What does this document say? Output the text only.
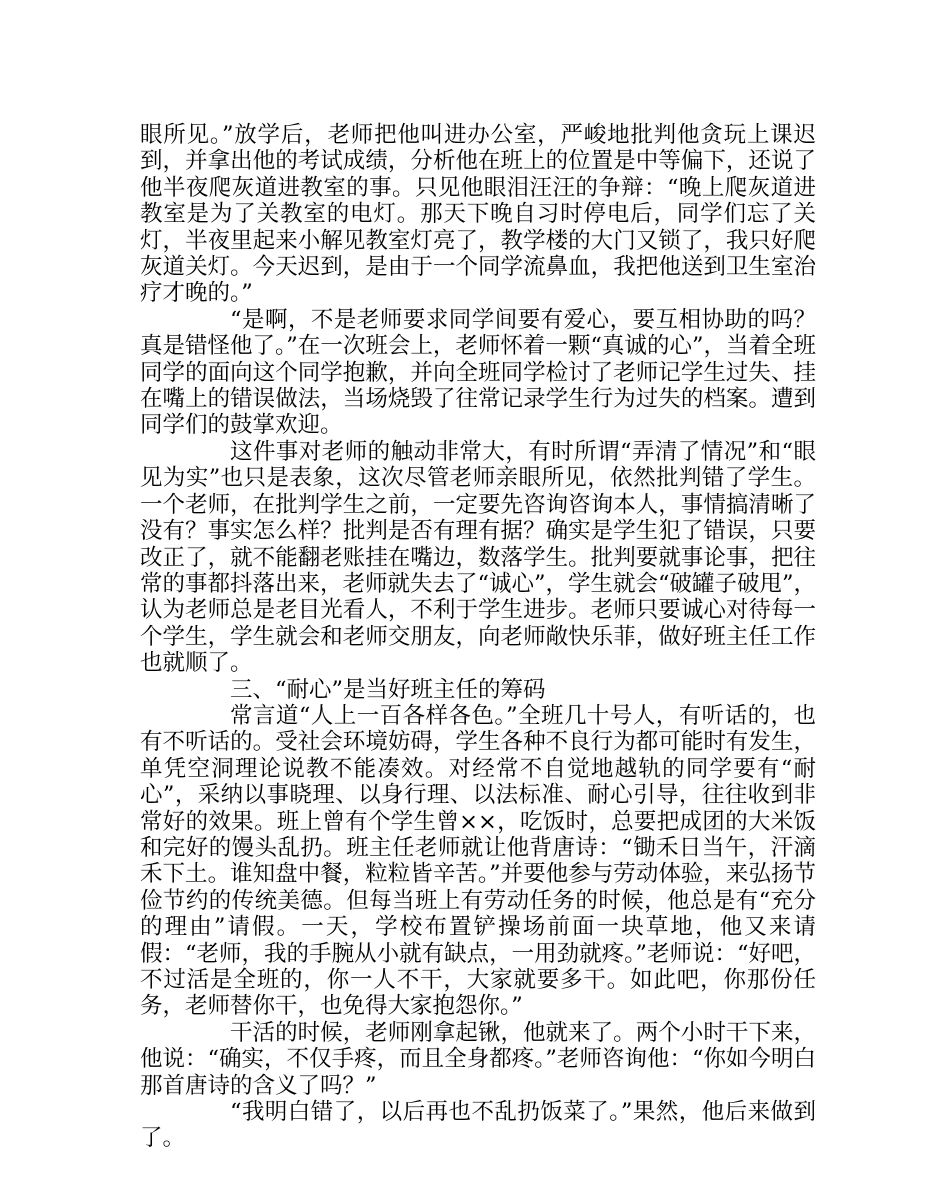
眼所见。”放学后，老师把他叫进办公室，严峻地批判他贪玩上课迟到，并拿出他的考试成绩，分析他在班上的位置是中等偏下，还说了他半夜爬灰道进教室的事。只见他眼泪汪汪的争辩：“晚上爬灰道进教室是为了关教室的电灯。那天下晚自习时停电后，同学们忘了关灯，半夜里起来小解见教室灯亮了，教学楼的大门又锁了，我只好爬灰道关灯。今天迟到，是由于一个同学流鼻血，我把他送到卫生室治疗才晚的。”

“是啊，不是老师要求同学间要有爱心，要互相协助的吗？真是错怪他了。”在一次班会上，老师怀着一颗“真诚的心”，当着全班同学的面向这个同学抱歉，并向全班同学检讨了老师记学生过失、挂在嘴上的错误做法，当场烧毁了往常记录学生行为过失的档案。遭到同学们的鼓掌欢迎。

这件事对老师的触动非常大，有时所谓“弄清了情况”和“眼见为实”也只是表象，这次尽管老师亲眼所见，依然批判错了学生。一个老师，在批判学生之前，一定要先咨询咨询本人，事情搞清晰了没有？事实怎么样？批判是否有理有据？确实是学生犯了错误，只要改正了，就不能翻老账挂在嘴边，数落学生。批判要就事论事，把往常的事都抖落出来，老师就失去了“诚心”，学生就会“破罐子破甩”，认为老师总是老目光看人，不利于学生进步。老师只要诚心对待每一个学生，学生就会和老师交朋友，向老师敞快乐菲，做好班主任工作也就顺了。

三、“耐心”是当好班主任的筹码

常言道“人上一百各样各色。”全班几十号人，有听话的，也有不听话的。受社会环境妨碍，学生各种不良行为都可能时有发生，单凭空洞理论说教不能凑效。对经常不自觉地越轨的同学要有“耐心”，采纳以事晓理、以身行理、以法标准、耐心引导，往往收到非常好的效果。班上曾有个学生曾××，吃饭时，总要把成团的大米饭和完好的馒头乱扔。班主任老师就让他背唐诗：“锄禾日当午，汗滴禾下土。谁知盘中餐，粒粒皆辛苦。”并要他参与劳动体验，来弘扬节俭节约的传统美德。但每当班上有劳动任务的时候，他总是有“充分的理由”请假。一天，学校布置铲操场前面一块草地，他又来请假：“老师，我的手腕从小就有缺点，一用劲就疼。”老师说：“好吧，不过活是全班的，你一人不干，大家就要多干。如此吧，你那份任务，老师替你干，也免得大家抱怨你。”

干活的时候，老师刚拿起锹，他就来了。两个小时干下来，他说：“确实，不仅手疼，而且全身都疼。”老师咨询他：“你如今明白那首唐诗的含义了吗？”

“我明白错了，以后再也不乱扔饭菜了。”果然，他后来做到了。
